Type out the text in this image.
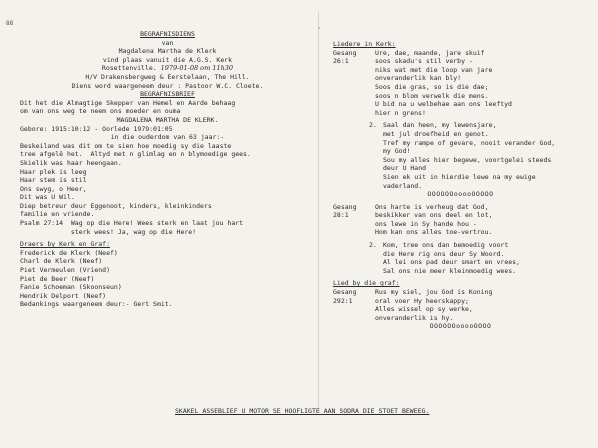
88
'
BEGRAFNISDIENS
van
Magdalena Martha de Klerk
vind plaas vanuit die A.G.S. Kerk
Rosettenville. 1979-01-08 om 11h30
H/V Drakensbergweg & Eerstelaan, The Hill.
Diens word waargeneem deur : Pastoor W.C. Cloete.
BEGRAFNISBRIEF
Dit het die Almagtige Skepper van Hemel en Aarde behaag
om van ons weg te neem ons moeder en ouma
MAGDALENA MARTHA DE KLERK.
Gebore: 1915:10:12 - Oorlede 1979:01:05
in die ouderdom van 63 jaar:-
Beskeiland was dit om te sien hoe moedig sy die laaste
tree afgelê het.  Altyd met n glimlag en n blymoedige gees.
Skielik was haar heengaan.
Haar plek is leeg
Haar stem is stil
Ons swyg, o Heer,
Dit was U Wil.
Diep betreur deur Eggenoot, kinders, kleinkinders
familie en vriende.
Psalm 27:14  Wag op die Here! Wees sterk en laat jou hart
sterk wees! Ja, wag op die Here!
Draers by Kerk en Graf:
Frederick de Klerk (Neef)
Charl de Klerk (Neef)
Piet Vermeulen (Vriend)
Piet de Beer (Neef)
Fanie Schoeman (Skoonseun)
Hendrik Delport (Neef)
Bedankings waargeneem deur:- Gert Smit.
Liedere in Kerk:
Gesang 26:1
Ure, dae, maande, jare skuif
soos skadu's stil verby -
niks wat met die loop van jare
onveranderlik kan bly!
Soos die gras, so is die dae;
soos n blom verwelk die mens.
U bid na u welbehae aan ons leeftyd
hier n grens!
2. Saal dan heen, my lewensjare,
met jul droefheid en genot.
Tref my rampe of gevare, nooit verander God,
my God!
Sou my alles hier begewe, voortgelei steeds
deur U Hand
Sien ek uit in hierdie lewe na my ewige
vaderland.
OOOOOOooooOOOOO
Gesang 28:1
Ons harte is verheug dat God,
beskikker van ons deel en lot,
ons lewe in Sy hande hou -
Hom kan ons alles toe-vertrou.
2. Kom, tree ons dan bemoedig voort
die Here rig ons deur Sy Woord.
Al lei ons pad deur smart en vrees,
Sal ons nie meer kleinmoedig wees.
Lied by die graf:
Gesang 292:1
Rus my siel, jou God is Koning
oral voer Hy heerskappy;
Alles wissel op sy werke,
onveranderlik is hy.
OOOOOOooooOOOO
SKAKEL ASSEBLIEF U MOTOR SE HOOFLIGTE AAN SODRA DIE STOET BEWEEG.
